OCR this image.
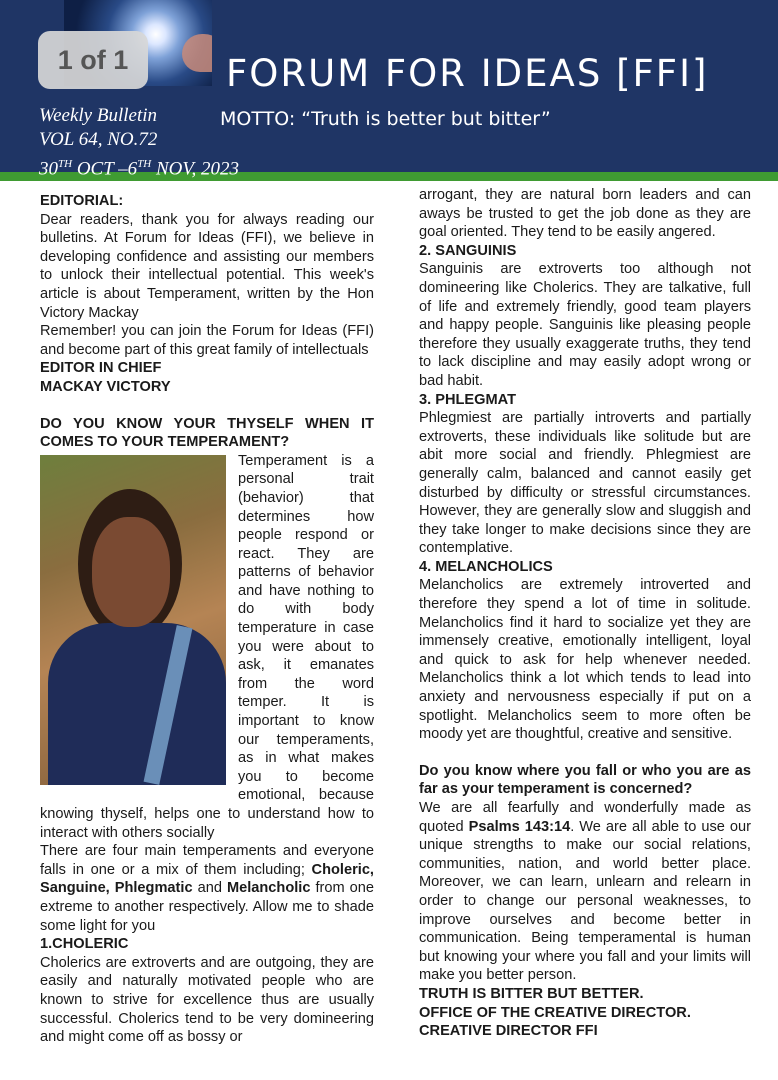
1 of 1	FORUM FOR IDEAS [FFI]
MOTTO: “Truth is better but bitter”
Weekly Bulletin
VOL 64, NO.72
30TH OCT –6TH NOV, 2023

EDITORIAL:

Dear readers, thank you for always reading our bulletins. At Forum for Ideas (FFI), we believe in developing confidence and assisting our members to unlock their intellectual potential. This week's article is about Temperament, written by the Hon Victory Mackay

Remember! you can join the Forum for Ideas (FFI) and become part of this great family of intellectuals

EDITOR IN CHIEF

MACKAY VICTORY

DO YOU KNOW YOUR THYSELF WHEN IT COMES TO YOUR TEMPERAMENT?

Temperament is a personal trait (behavior) that determines how people respond or react. They are patterns of behavior and have nothing to do with body temperature in case you were about to ask, it emanates from the word temper. It is important to know our temperaments, as in what makes you to become emotional, because knowing thyself, helps one to understand how to interact with others socially

There are four main temperaments and everyone falls in one or a mix of them including; Choleric, Sanguine, Phlegmatic and Melancholic from one extreme to another respectively. Allow me to shade some light for you

1.CHOLERIC

Cholerics are extroverts and are outgoing, they are easily and naturally motivated people who are known to strive for excellence thus are usually successful. Cholerics tend to be very domineering and might come off as bossy or

arrogant, they are natural born leaders and can aways be trusted to get the job done as they are goal oriented. They tend to be easily angered.

2. SANGUINIS

Sanguinis are extroverts too although not domineering like Cholerics. They are talkative, full of life and extremely friendly, good team players and happy people. Sanguinis like pleasing people therefore they usually exaggerate truths, they tend to lack discipline and may easily adopt wrong or bad habit.

3. PHLEGMAT

Phlegmiest are partially introverts and partially extroverts, these individuals like solitude but are abit more social and friendly. Phlegmiest are generally calm, balanced and cannot easily get disturbed by difficulty or stressful circumstances. However, they are generally slow and sluggish and they take longer to make decisions since they are contemplative.

4. MELANCHOLICS

Melancholics are extremely introverted and therefore they spend a lot of time in solitude. Melancholics find it hard to socialize yet they are immensely creative, emotionally intelligent, loyal and quick to ask for help whenever needed. Melancholics think a lot which tends to lead into anxiety and nervousness especially if put on a spotlight. Melancholics seem to more often be moody yet are thoughtful, creative and sensitive.

Do you know where you fall or who you are as far as your temperament is concerned?

We are all fearfully and wonderfully made as quoted Psalms 143:14. We are all able to use our unique strengths to make our social relations, communities, nation, and world better place. Moreover, we can learn, unlearn and relearn in order to change our personal weaknesses, to improve ourselves and become better in communication. Being temperamental is human but knowing your where you fall and your limits will make you better person.

TRUTH IS BITTER BUT BETTER.

OFFICE OF THE CREATIVE DIRECTOR.

CREATIVE DIRECTOR FFI
